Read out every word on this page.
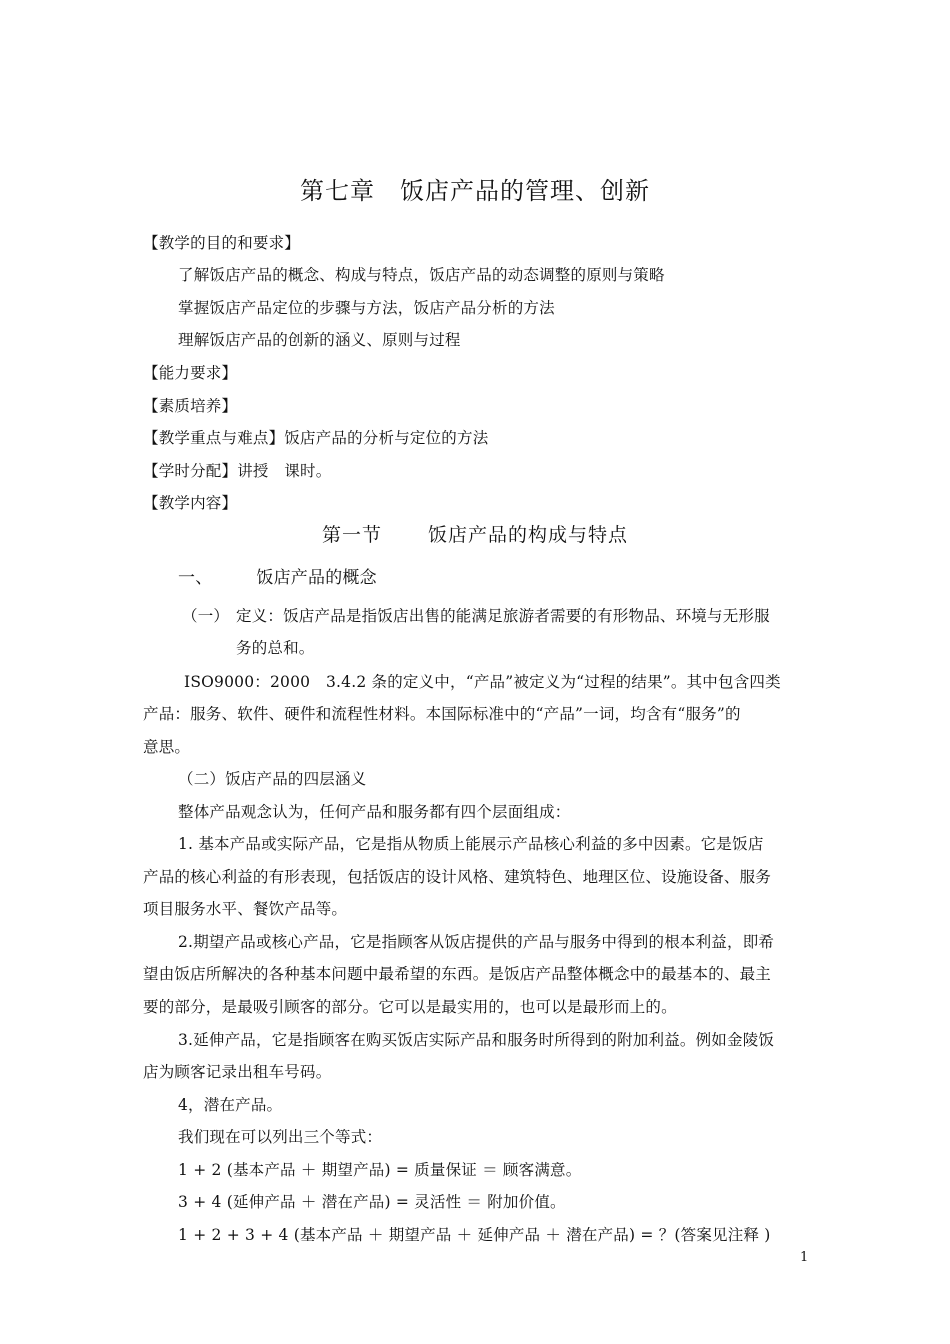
第七章　饭店产品的管理、创新
【教学的目的和要求】
了解饭店产品的概念、构成与特点，饭店产品的动态调整的原则与策略
掌握饭店产品定位的步骤与方法，饭店产品分析的方法
理解饭店产品的创新的涵义、原则与过程
【能力要求】
【素质培养】
【教学重点与难点】饭店产品的分析与定位的方法
【学时分配】讲授　课时。
【教学内容】
第一节 饭店产品的构成与特点
一、	饭店产品的概念
（一） 定义：饭店产品是指饭店出售的能满足旅游者需要的有形物品、环境与无形服
务的总和。
ISO9000：2000　3.4.2 条的定义中，“产品”被定义为“过程的结果”。其中包含四类
产品：服务、软件、硬件和流程性材料。本国际标准中的“产品”一词，均含有“服务”的
意思。
（二）饭店产品的四层涵义
整体产品观念认为，任何产品和服务都有四个层面组成：
1. 基本产品或实际产品，它是指从物质上能展示产品核心利益的多中因素。它是饭店
产品的核心利益的有形表现，包括饭店的设计风格、建筑特色、地理区位、设施设备、服务
项目服务水平、餐饮产品等。
2.期望产品或核心产品，它是指顾客从饭店提供的产品与服务中得到的根本利益，即希
望由饭店所解决的各种基本问题中最希望的东西。是饭店产品整体概念中的最基本的、最主
要的部分，是最吸引顾客的部分。它可以是最实用的，也可以是最形而上的。
3.延伸产品，它是指顾客在购买饭店实际产品和服务时所得到的附加利益。例如金陵饭
店为顾客记录出租车号码。
4，潜在产品。
我们现在可以列出三个等式：
1 + 2 (基本产品 ＋ 期望产品) = 质量保证 ＝ 顾客满意。
3 + 4 (延伸产品 ＋ 潜在产品) = 灵活性 ＝ 附加价值。
1 + 2 + 3 + 4 (基本产品 ＋ 期望产品 ＋ 延伸产品 ＋ 潜在产品) = ？(答案见注释 )
1
